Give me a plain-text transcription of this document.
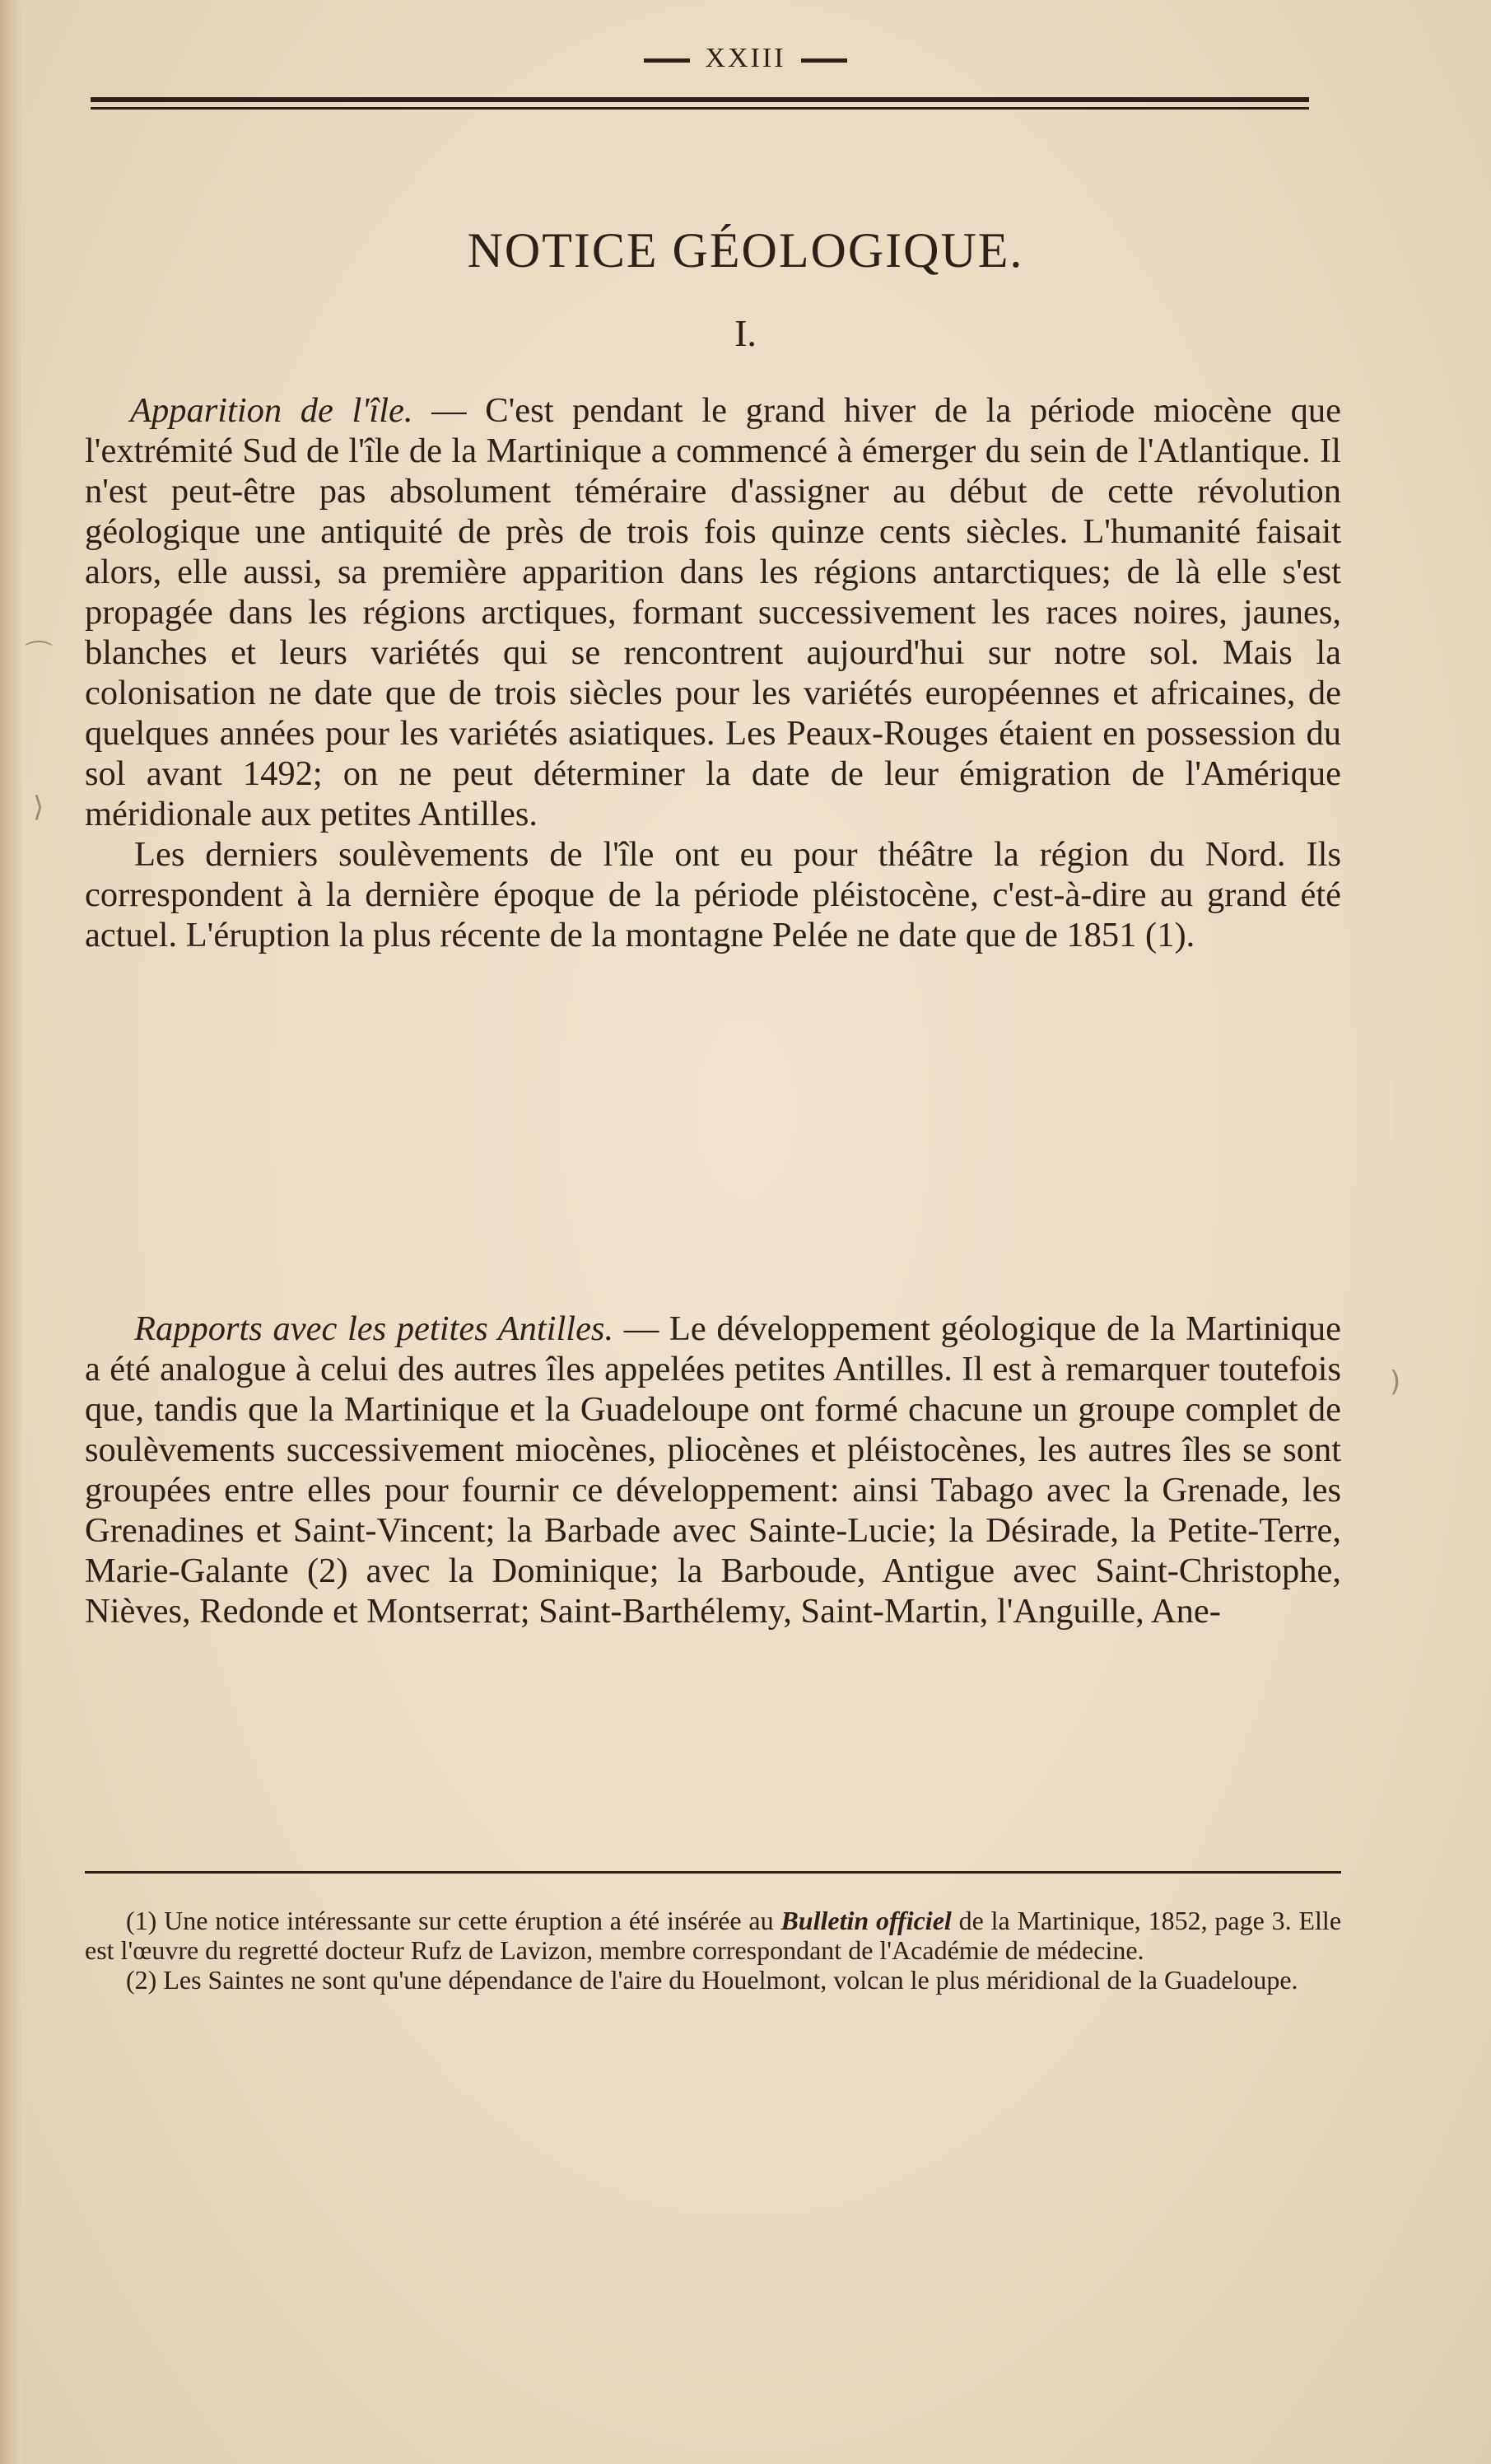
XXIII
NOTICE GÉOLOGIQUE.
I.

Apparition de l'île. — C'est pendant le grand hiver de la période miocène que l'extrémité Sud de l'île de la Martinique a commencé à émerger du sein de l'Atlantique. Il n'est peut-être pas absolument téméraire d'assigner au début de cette révolution géologique une antiquité de près de trois fois quinze cents siècles. L'humanité faisait alors, elle aussi, sa première apparition dans les régions antarctiques; de là elle s'est propagée dans les régions arctiques, formant successivement les races noires, jaunes, blanches et leurs variétés qui se rencontrent aujourd'hui sur notre sol. Mais la colonisation ne date que de trois siècles pour les variétés européennes et africaines, de quelques années pour les variétés asiatiques. Les Peaux-Rouges étaient en possession du sol avant 1492; on ne peut déterminer la date de leur émigration de l'Amérique méridionale aux petites Antilles.

Les derniers soulèvements de l'île ont eu pour théâtre la région du Nord. Ils correspondent à la dernière époque de la période pléistocène, c'est-à-dire au grand été actuel. L'éruption la plus récente de la montagne Pelée ne date que de 1851 (1).

Rapports avec les petites Antilles. — Le développement géologique de la Martinique a été analogue à celui des autres îles appelées petites Antilles. Il est à remarquer toutefois que, tandis que la Martinique et la Guadeloupe ont formé chacune un groupe complet de soulèvements successivement miocènes, pliocènes et pléistocènes, les autres îles se sont groupées entre elles pour fournir ce développement: ainsi Tabago avec la Grenade, les Grenadines et Saint-Vincent; la Barbade avec Sainte-Lucie; la Désirade, la Petite-Terre, Marie-Galante (2) avec la Dominique; la Barboude, Antigue avec Saint-Christophe, Nièves, Redonde et Montserrat; Saint-Barthélemy, Saint-Martin, l'Anguille, Ane-

(1) Une notice intéressante sur cette éruption a été insérée au Bulletin officiel de la Martinique, 1852, page 3. Elle est l'œuvre du regretté docteur Rufz de Lavizon, membre correspondant de l'Académie de médecine.

(2) Les Saintes ne sont qu'une dépendance de l'aire du Houelmont, volcan le plus méridional de la Guadeloupe.

⌒
⟩
)
